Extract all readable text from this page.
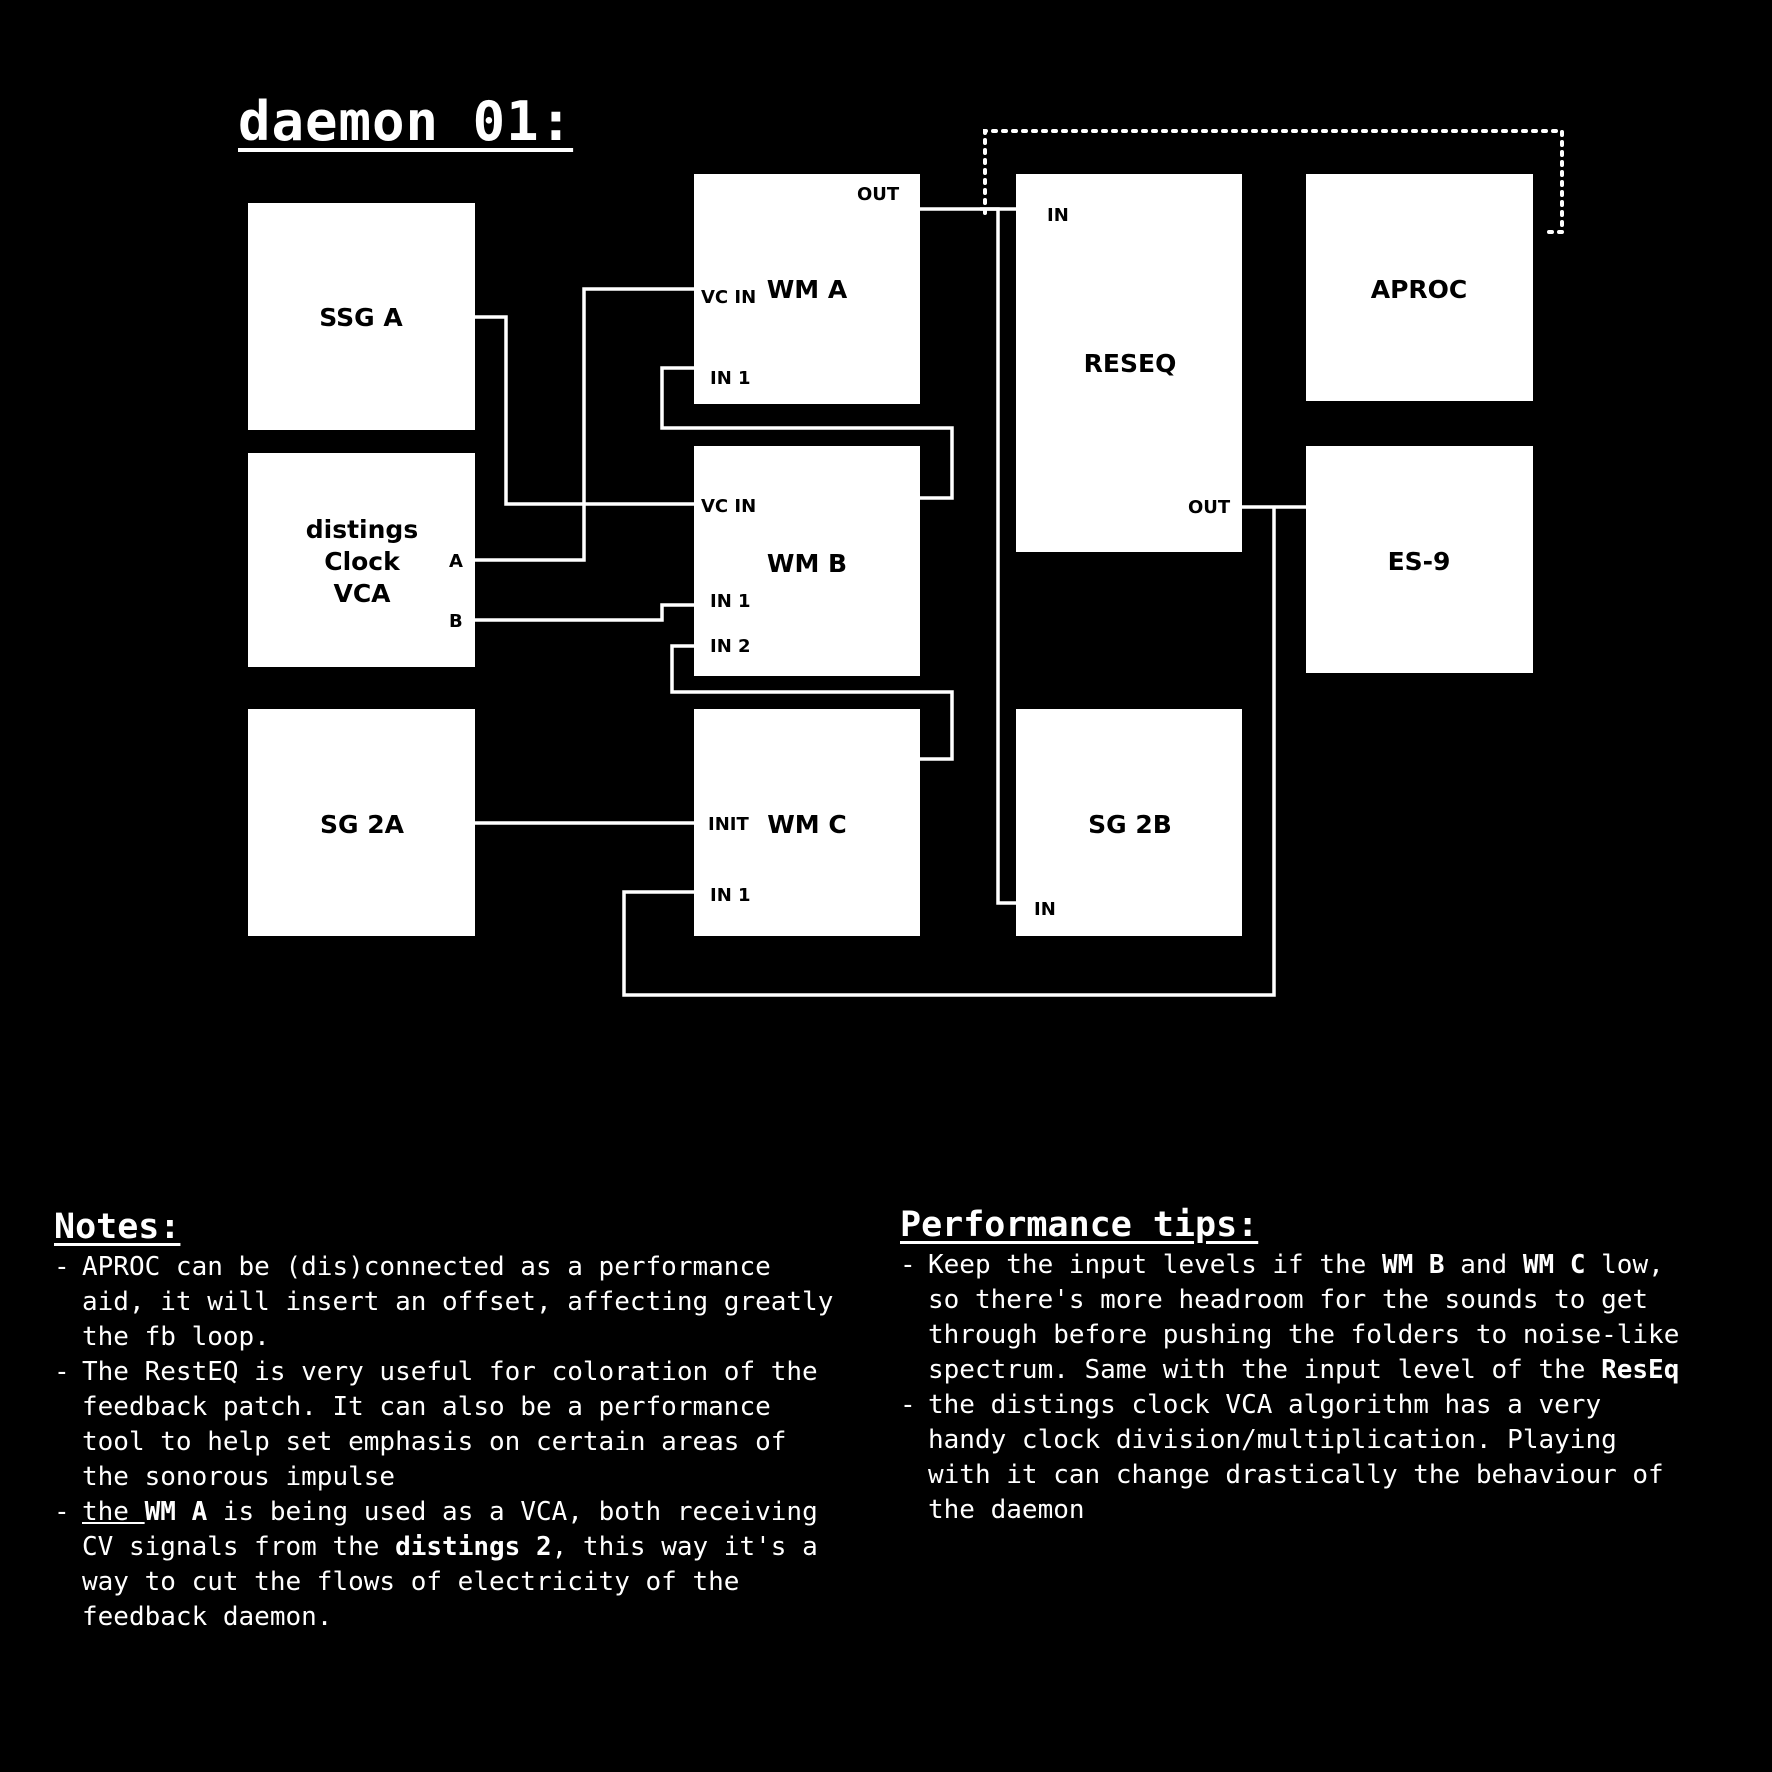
daemon 01:
SSG A
distings
Clock
VCA
A
B
SG 2A
WM A
OUT
VC IN
IN 1
WM B
VC IN
IN 1
IN 2
WM C
INIT
IN 1
RESEQ
IN
OUT
SG 2B
IN
APROC
ES-9
Notes:
- APROC can be (dis)connected as a performance aid, it will insert an offset, affecting greatly the fb loop.
- The RestEQ is very useful for coloration of the feedback patch. It can also be a performance tool to help set emphasis on certain areas of the sonorous impulse
- the WM A is being used as a VCA, both receiving CV signals from the distings 2, this way it's a way to cut the flows of electricity of the feedback daemon.
Performance tips:
- Keep the input levels if the WM B and WM C low, so there's more headroom for the sounds to get through before pushing the folders to noise-like spectrum. Same with the input level of the ResEq
- the distings clock VCA algorithm has a very handy clock division/multiplication. Playing with it can change drastically the behaviour of the daemon
